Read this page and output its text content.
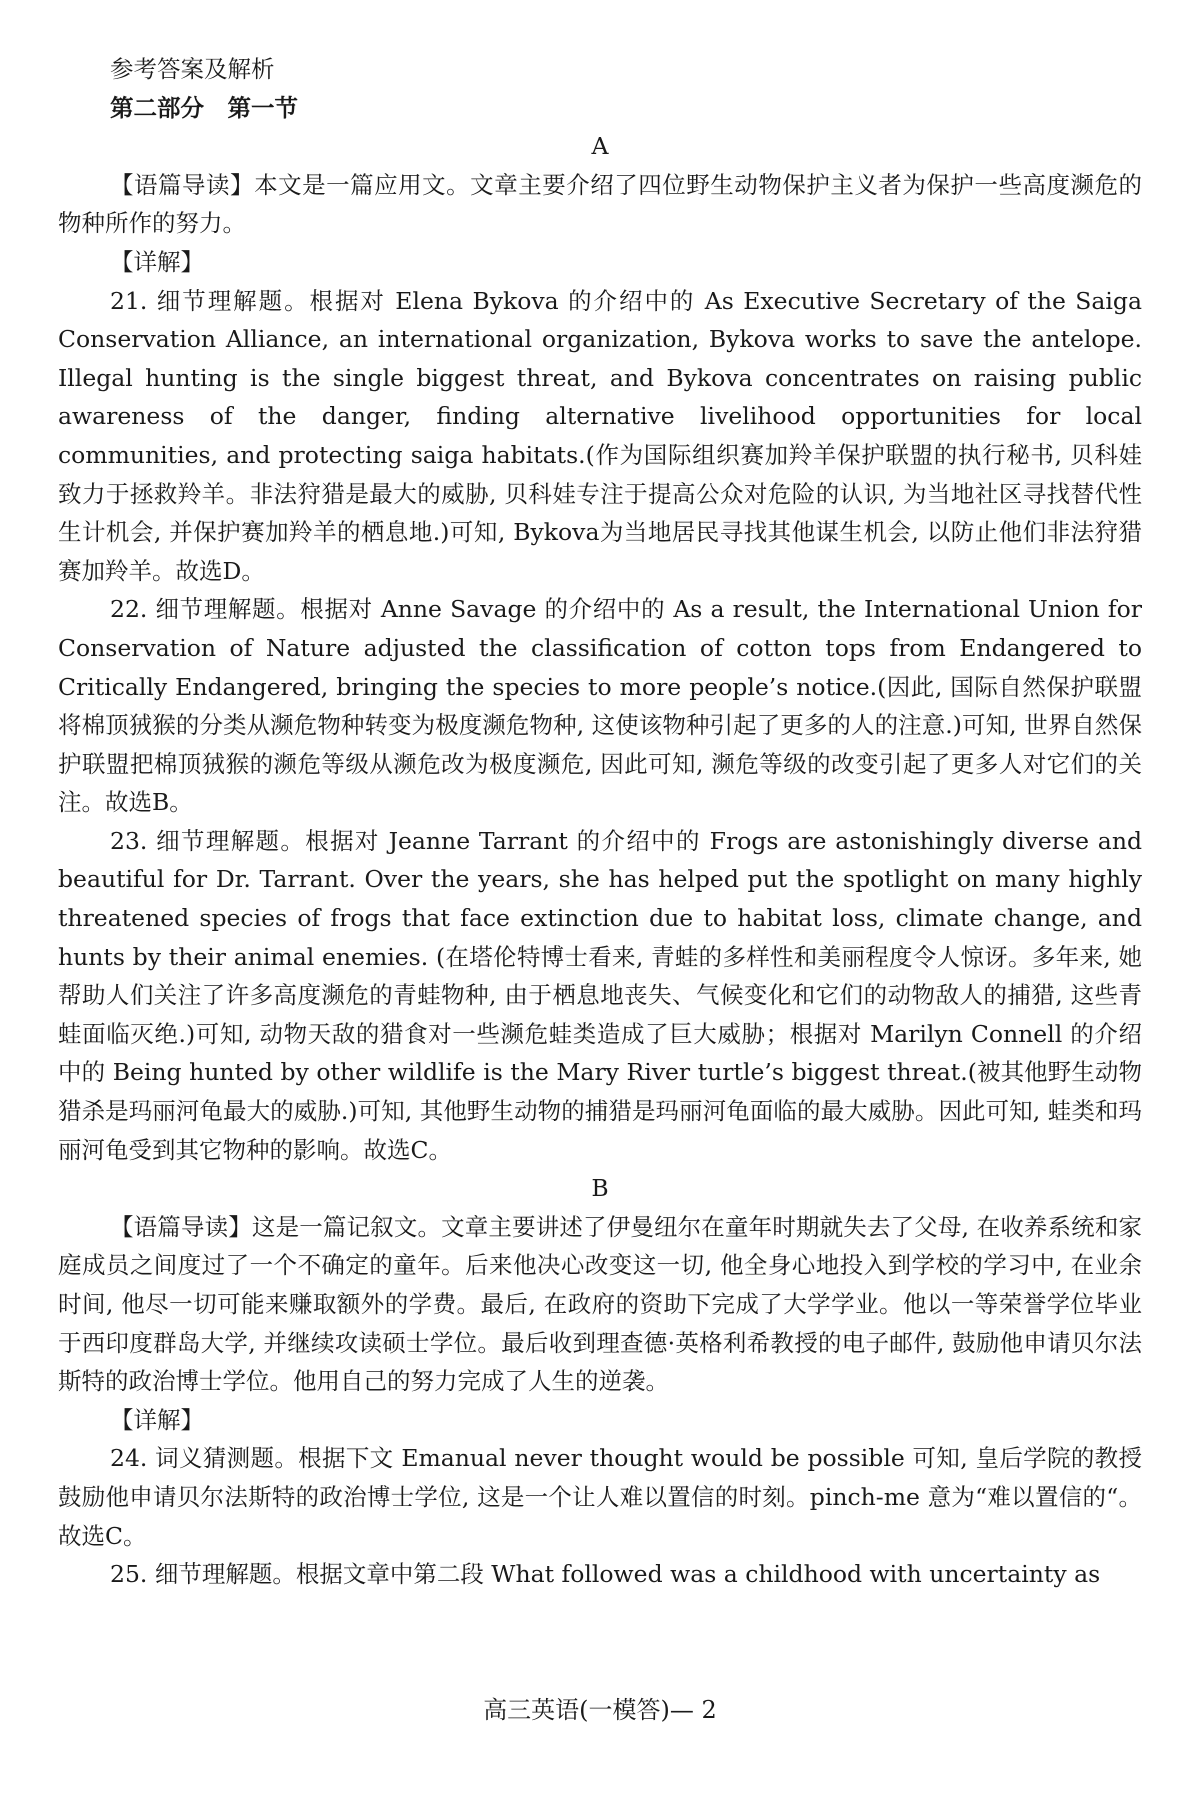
参考答案及解析

第二部分　第一节

A

【语篇导读】本文是一篇应用文。文章主要介绍了四位野生动物保护主义者为保护一些高度濒危的物种所作的努力。

【详解】

21. 细节理解题。根据对 Elena Bykova 的介绍中的 As Executive Secretary of the Saiga Conservation Alliance, an international organization, Bykova works to save the antelope. Illegal hunting is the single biggest threat, and Bykova concentrates on raising public awareness of the danger, finding alternative livelihood opportunities for local communities, and protecting saiga habitats.(作为国际组织赛加羚羊保护联盟的执行秘书, 贝科娃致力于拯救羚羊。非法狩猎是最大的威胁, 贝科娃专注于提高公众对危险的认识, 为当地社区寻找替代性生计机会, 并保护赛加羚羊的栖息地.)可知, Bykova为当地居民寻找其他谋生机会, 以防止他们非法狩猎赛加羚羊。故选D。

22. 细节理解题。根据对 Anne Savage 的介绍中的 As a result, the International Union for Conservation of Nature adjusted the classification of cotton tops from Endangered to Critically Endangered, bringing the species to more people’s notice.(因此, 国际自然保护联盟将棉顶狨猴的分类从濒危物种转变为极度濒危物种, 这使该物种引起了更多的人的注意.)可知, 世界自然保护联盟把棉顶狨猴的濒危等级从濒危改为极度濒危, 因此可知, 濒危等级的改变引起了更多人对它们的关注。故选B。

23. 细节理解题。根据对 Jeanne Tarrant 的介绍中的 Frogs are astonishingly diverse and beautiful for Dr. Tarrant. Over the years, she has helped put the spotlight on many highly threatened species of frogs that face extinction due to habitat loss, climate change, and hunts by their animal enemies. (在塔伦特博士看来, 青蛙的多样性和美丽程度令人惊讶。多年来, 她帮助人们关注了许多高度濒危的青蛙物种, 由于栖息地丧失、气候变化和它们的动物敌人的捕猎, 这些青蛙面临灭绝.)可知, 动物天敌的猎食对一些濒危蛙类造成了巨大威胁；根据对 Marilyn Connell 的介绍中的 Being hunted by other wildlife is the Mary River turtle’s biggest threat.(被其他野生动物猎杀是玛丽河龟最大的威胁.)可知, 其他野生动物的捕猎是玛丽河龟面临的最大威胁。因此可知, 蛙类和玛丽河龟受到其它物种的影响。故选C。

B

【语篇导读】这是一篇记叙文。文章主要讲述了伊曼纽尔在童年时期就失去了父母, 在收养系统和家庭成员之间度过了一个不确定的童年。后来他决心改变这一切, 他全身心地投入到学校的学习中, 在业余时间, 他尽一切可能来赚取额外的学费。最后, 在政府的资助下完成了大学学业。他以一等荣誉学位毕业于西印度群岛大学, 并继续攻读硕士学位。最后收到理查德·英格利希教授的电子邮件, 鼓励他申请贝尔法斯特的政治博士学位。他用自己的努力完成了人生的逆袭。

【详解】

24. 词义猜测题。根据下文 Emanual never thought would be possible 可知, 皇后学院的教授鼓励他申请贝尔法斯特的政治博士学位, 这是一个让人难以置信的时刻。pinch-me 意为“难以置信的“。故选C。

25. 细节理解题。根据文章中第二段 What followed was a childhood with uncertainty as

高三英语(一模答)— 2
